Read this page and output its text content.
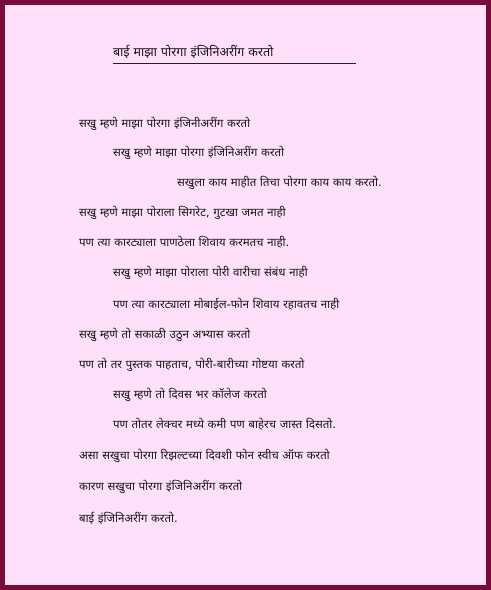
बाई माझा पोरगा इंजिनिअरींग करतो
सखु म्हणे माझा पोरगा इंजिनीअरींग करतो
सखु म्हणे माझा पोरगा इंजिनिअरींग करतो
सखुला काय माहीत तिचा पोरगा काय काय करतो.
सखु म्हणे माझा पोराला सिगरेट, गुटखा जमत नाही
पण त्या कारट्याला पाणठेला शिवाय करमतच नाही.
सखु म्हणे माझा पोराला पोरी वारीचा संबंध नाही
पण त्या कारट्याला मोबाईल-फोन शिवाय रहावतच नाही
सखु म्हणे तो सकाळी उठुन अभ्यास करतो
पण तो तर पुस्तक पाहताच, पोरी-बारीच्या गोष्टया करतो
सखु म्हणे तो दिवस भर कॉलेज करतो
पण तोतर लेक्चर मध्ये कमी पण बाहेरच जास्त दिसतो.
असा सखुचा पोरगा रिझल्टच्या दिवशी फोन स्वीच ऑफ करतो
कारण सखुचा पोरगा इंजिनिअरींग करतो
बाई इंजिनिअरींग करतो.
